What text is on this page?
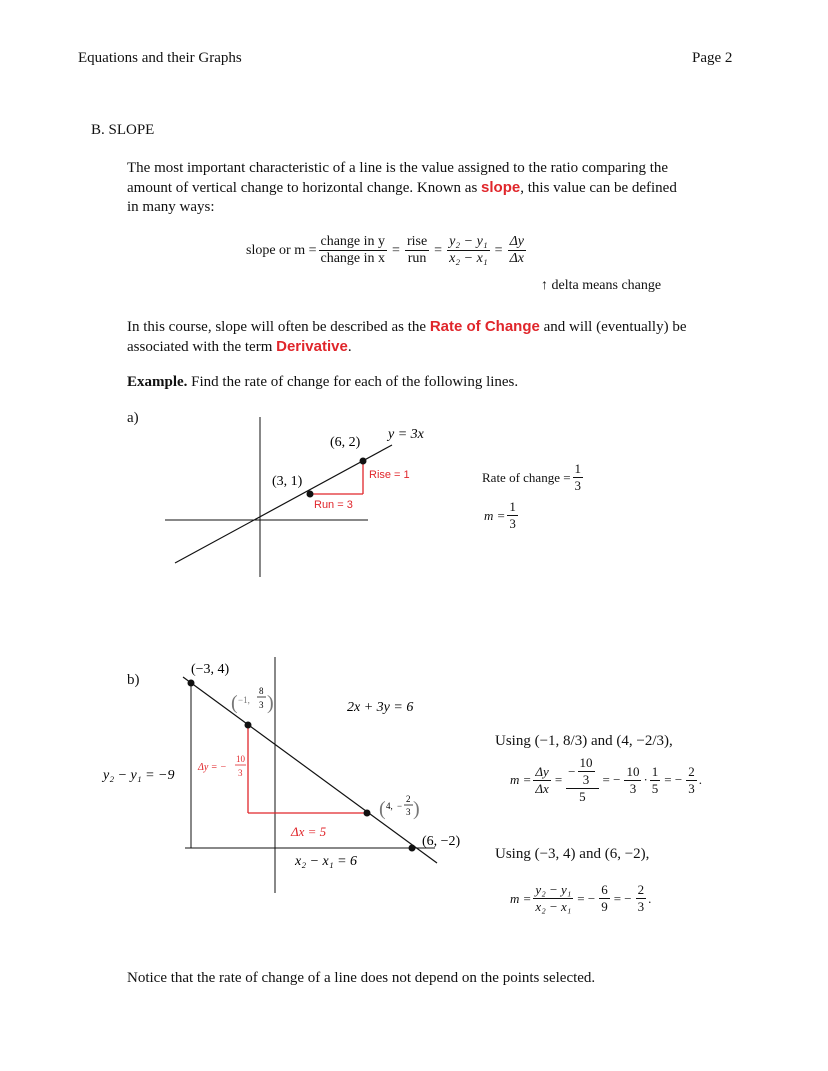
Equations and their Graphs	Page 2
B. SLOPE
The most important characteristic of a line is the value assigned to the ratio comparing the
amount of vertical change to horizontal change. Known as slope, this value can be defined
in many ways:
slope or $m = \frac{\text{change in y}}{\text{change in x}} = \frac{\text{rise}}{\text{run}} = \frac{\text{y₂ − y₁}}{\text{x₂ − x₁}} = \frac{\Delta y}{\Delta x}$
↑ delta means change
In this course, slope will often be described as the Rate of Change and will (eventually) be
associated with the term Derivative.
Example. Find the rate of change for each of the following lines.
a)
(3, 1)
(6, 2)
y = 3x
Rise = 1
Run = 3
Rate of change = $\frac{1}{3}$
$m = \frac{1}{3}$
b)
(−3, 4)
2x + 3y = 6
(6, −2)
( −1,
8
3 )
( 4, −
2
3 )
Δy = −
10
3
Δx = 5
y₂ − y₁ = −9
x₂ − x₁ = 6
Using (−1, 8/3) and (4, −2/3),
$m = \frac{\Delta y}{\Delta x} = \frac{- \frac{10}{3}}{5}$ = − $\frac{10}{3} \cdot \frac{1}{5}$ = − $\frac{2}{3}$ .
Using (−3, 4) and (6, −2),
$m = \frac{\text{y₂ − y₁}}{\text{x₂ − x₁}}$ = − $\frac{6}{9}$ = − $\frac{2}{3}$ .
Notice that the rate of change of a line does not depend on the points selected.
